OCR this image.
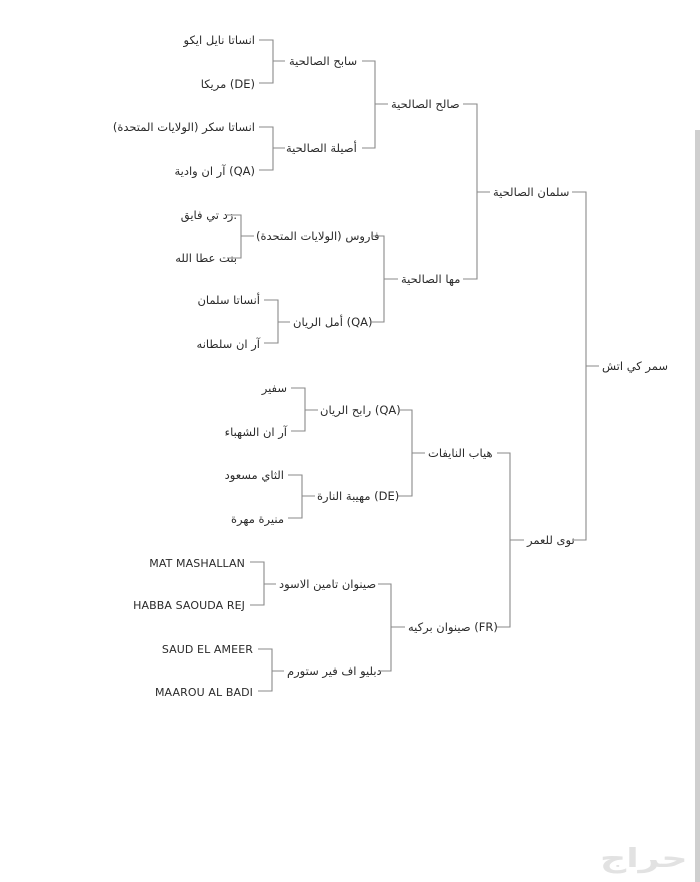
انساتا نايل ايكو
مريكا (DE)
انساتا سكر (الولايات المتحدة)
آر ان وادية (QA)
زد تي فايق.
بنت عطا الله
أنساتا سلمان
آر ان سلطانه
سفير
آر ان الشهباء
الثاي مسعود
منيرة مهرة
MAT MASHALLAN
HABBA SAOUDA REJ
SAUD EL AMEER
MAAROU AL BADI
سابح الصالحية
أصيلة الصالحية
فاروس (الولايات المتحدة)
أمل الريان (QA)
رابح الريان (QA)
مهيبة النارة (DE)
صينوان تامين الاسود
دبليو اف فير ستورم
صالح الصالحية
مها الصالحية
هياب النايفات
صينوان بركيه (FR)
سلمان الصالحية
نوى للعمر
سمر كي اتش
حراج
